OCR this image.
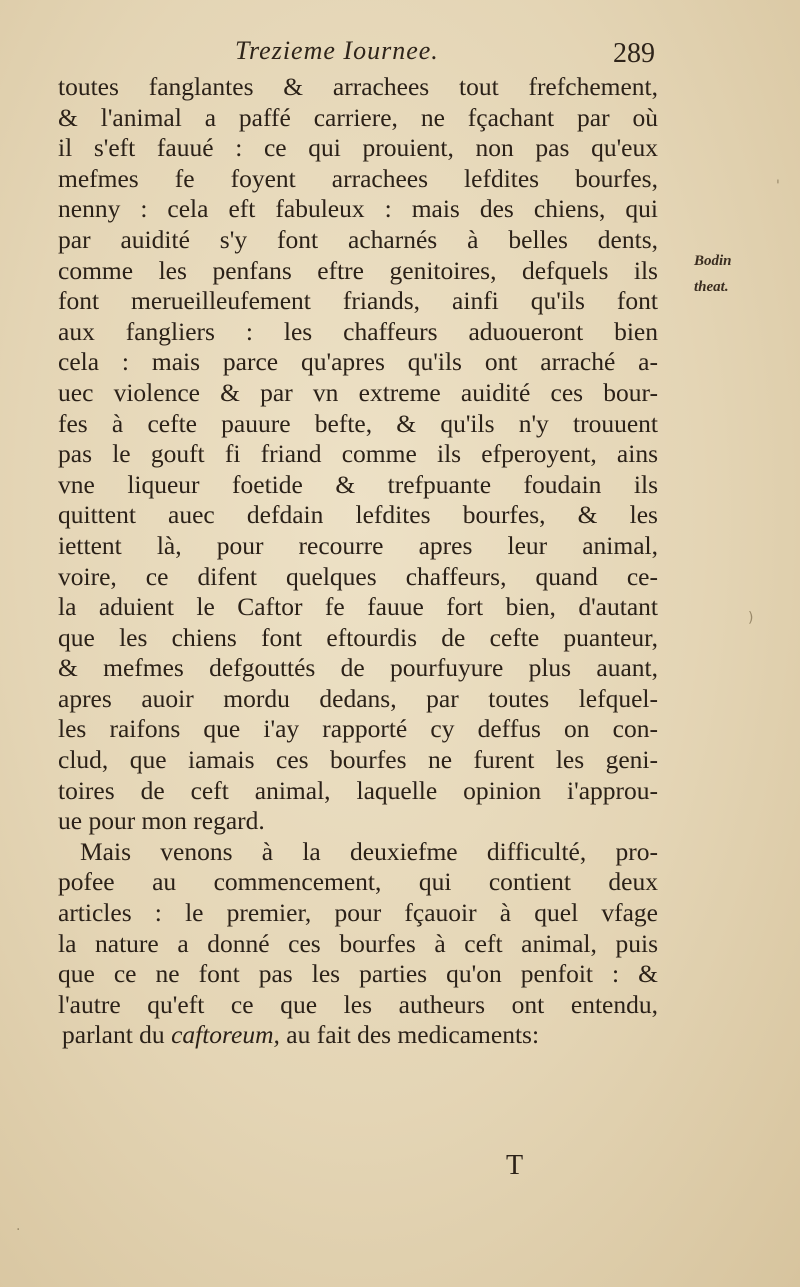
Trezieme Iournee.	289
toutes fanglantes & arrachees tout frefchement,
& l'animal a paffé carriere, ne fçachant par où
il s'eft fauué : ce qui prouient, non pas qu'eux
mefmes fe foyent arrachees lefdites bourfes,
nenny : cela eft fabuleux : mais des chiens, qui
par auidité s'y font acharnés à belles dents,
comme les penfans eftre genitoires, defquels ils
font merueilleufement friands, ainfi qu'ils font
aux fangliers : les chaffeurs aduoueront bien
cela : mais parce qu'apres qu'ils ont arraché a-
uec violence & par vn extreme auidité ces bour-
fes à cefte pauure befte, & qu'ils n'y trouuent
pas le gouft fi friand comme ils efperoyent, ains
vne liqueur foetide & trefpuante foudain ils
quittent auec defdain lefdites bourfes, & les
iettent là, pour recourre apres leur animal,
voire, ce difent quelques chaffeurs, quand ce-
la aduient le Caftor fe fauue fort bien, d'autant
que les chiens font eftourdis de cefte puanteur,
& mefmes defgouttés de pourfuyure plus auant,
apres auoir mordu dedans, par toutes lefquel-
les raifons que i'ay rapporté cy deffus on con-
clud, que iamais ces bourfes ne furent les geni-
toires de ceft animal, laquelle opinion i'approu-
ue pour mon regard.
Mais venons à la deuxiefme difficulté, pro-
pofee au commencement, qui contient deux
articles : le premier, pour fçauoir à quel vfage
la nature a donné ces bourfes à ceft animal, puis
que ce ne font pas les parties qu'on penfoit : &
l'autre qu'eft ce que les autheurs ont entendu,
parlant du caftoreum, au fait des medicaments:
Bodin
theat.
T
'
)
·
